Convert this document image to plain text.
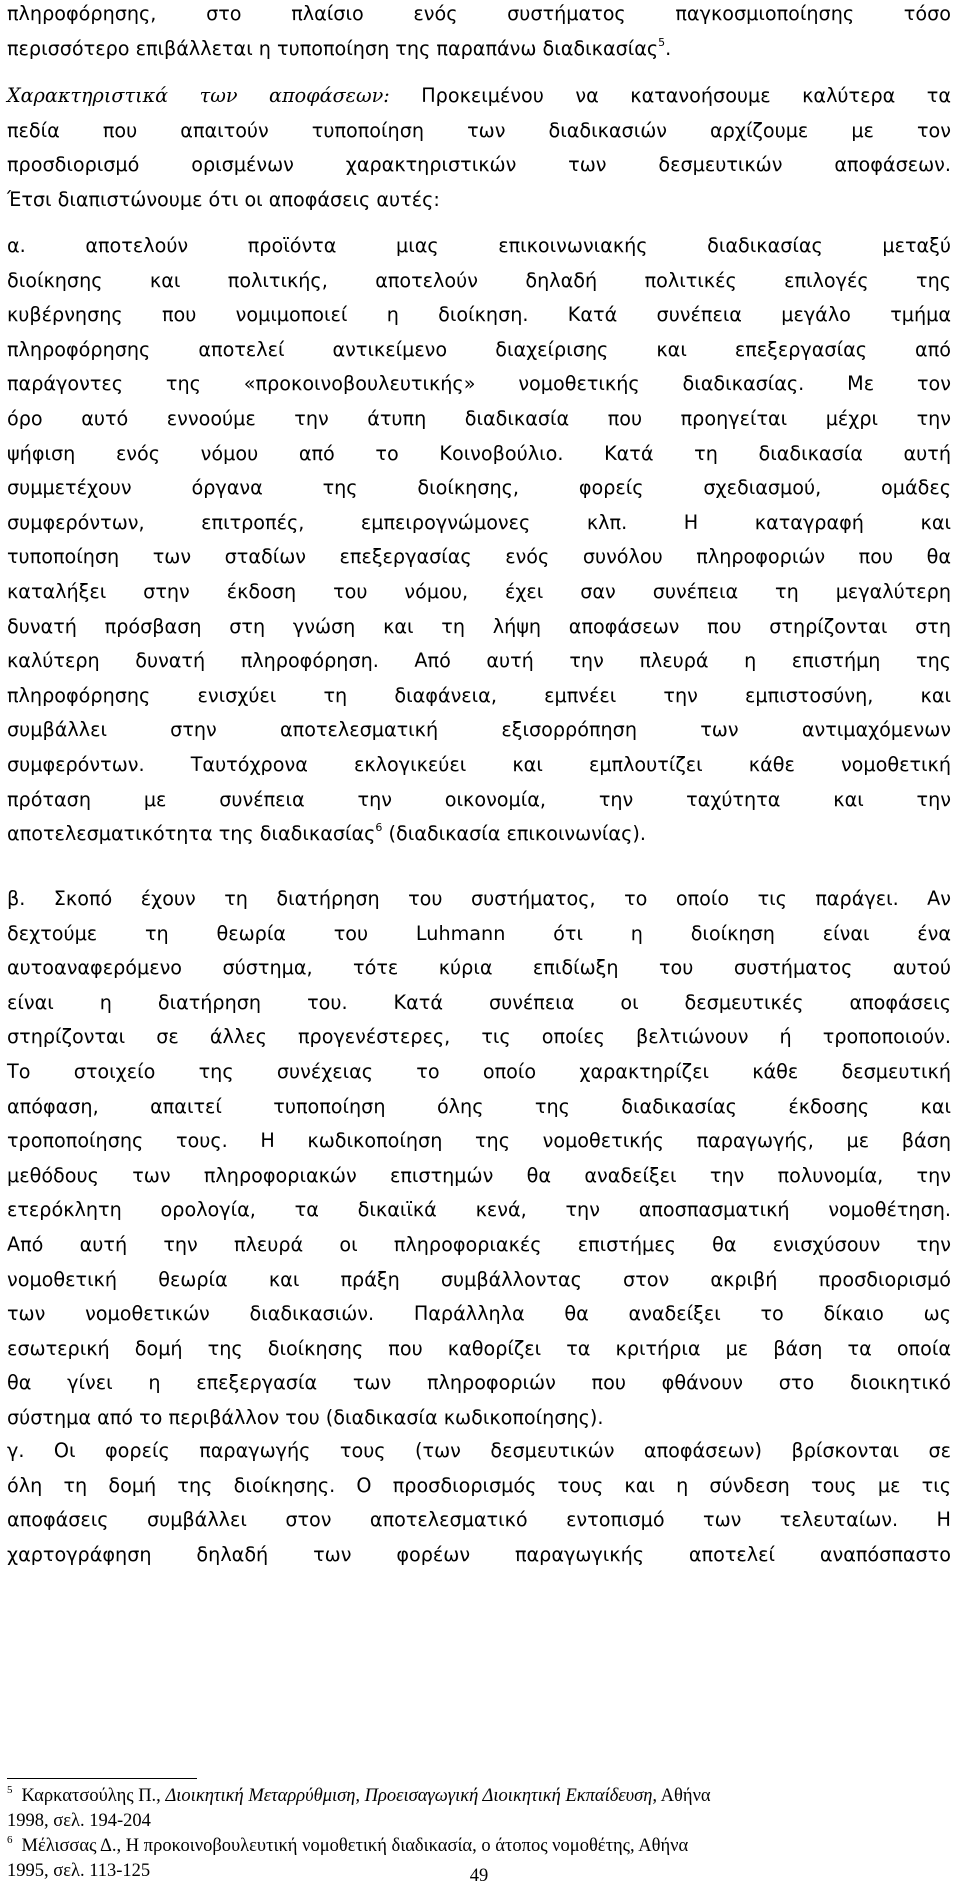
πληροφόρησης, στο πλαίσιο ενός συστήματος παγκοσμιοποίησης τόσο
περισσότερο επιβάλλεται η τυποποίηση της παραπάνω διαδικασίας$^5$.
Χαρακτηριστικά των αποφάσεων: Προκειμένου να κατανοήσουμε καλύτερα τα
πεδία που απαιτούν τυποποίηση των διαδικασιών αρχίζουμε με τον
προσδιορισμό ορισμένων χαρακτηριστικών των δεσμευτικών αποφάσεων.
Έτσι διαπιστώνουμε ότι οι αποφάσεις αυτές:
α. αποτελούν προϊόντα μιας επικοινωνιακής διαδικασίας μεταξύ
διοίκησης και πολιτικής, αποτελούν δηλαδή πολιτικές επιλογές της
κυβέρνησης που νομιμοποιεί η διοίκηση. Κατά συνέπεια μεγάλο τμήμα
πληροφόρησης αποτελεί αντικείμενο διαχείρισης και επεξεργασίας από
παράγοντες της «προκοινοβουλευτικής» νομοθετικής διαδικασίας. Με τον
όρο αυτό εννοούμε την άτυπη διαδικασία που προηγείται μέχρι την
ψήφιση ενός νόμου από το Κοινοβούλιο. Κατά τη διαδικασία αυτή
συμμετέχουν όργανα της διοίκησης, φορείς σχεδιασμού, ομάδες
συμφερόντων, επιτροπές, εμπειρογνώμονες κλπ. Η καταγραφή και
τυποποίηση των σταδίων επεξεργασίας ενός συνόλου πληροφοριών που θα
καταλήξει στην έκδοση του νόμου, έχει σαν συνέπεια τη μεγαλύτερη
δυνατή πρόσβαση στη γνώση και τη λήψη αποφάσεων που στηρίζονται στη
καλύτερη δυνατή πληροφόρηση. Από αυτή την πλευρά η επιστήμη της
πληροφόρησης ενισχύει τη διαφάνεια, εμπνέει την εμπιστοσύνη, και
συμβάλλει στην αποτελεσματική εξισορρόπηση των αντιμαχόμενων
συμφερόντων. Ταυτόχρονα εκλογικεύει και εμπλουτίζει κάθε νομοθετική
πρόταση με συνέπεια την οικονομία, την ταχύτητα και την
αποτελεσματικότητα της διαδικασίας$^6$ (διαδικασία επικοινωνίας).
β. Σκοπό έχουν τη διατήρηση του συστήματος, το οποίο τις παράγει. Αν
δεχτούμε τη θεωρία του Luhmann ότι η διοίκηση είναι ένα
αυτοαναφερόμενο σύστημα, τότε κύρια επιδίωξη του συστήματος αυτού
είναι η διατήρηση του. Κατά συνέπεια οι δεσμευτικές αποφάσεις
στηρίζονται σε άλλες προγενέστερες, τις οποίες βελτιώνουν ή τροποποιούν.
Το στοιχείο της συνέχειας το οποίο χαρακτηρίζει κάθε δεσμευτική
απόφαση, απαιτεί τυποποίηση όλης της διαδικασίας έκδοσης και
τροποποίησης τους. Η κωδικοποίηση της νομοθετικής παραγωγής, με βάση
μεθόδους των πληροφοριακών επιστημών θα αναδείξει την πολυνομία, την
ετερόκλητη ορολογία, τα δικαιϊκά κενά, την αποσπασματική νομοθέτηση.
Από αυτή την πλευρά οι πληροφοριακές επιστήμες θα ενισχύσουν την
νομοθετική θεωρία και πράξη συμβάλλοντας στον ακριβή προσδιορισμό
των νομοθετικών διαδικασιών. Παράλληλα θα αναδείξει το δίκαιο ως
εσωτερική δομή της διοίκησης που καθορίζει τα κριτήρια με βάση τα οποία
θα γίνει η επεξεργασία των πληροφοριών που φθάνουν στο διοικητικό
σύστημα από το περιβάλλον του (διαδικασία κωδικοποίησης).
γ. Οι φορείς παραγωγής τους (των δεσμευτικών αποφάσεων) βρίσκονται σε
όλη τη δομή της διοίκησης. Ο προσδιορισμός τους και η σύνδεση τους με τις
αποφάσεις συμβάλλει στον αποτελεσματικό εντοπισμό των τελευταίων. Η
χαρτογράφηση δηλαδή των φορέων παραγωγικής αποτελεί αναπόσπαστο
$^5$ Καρκατσούλης Π., Διοικητική Μεταρρύθμιση, Προεισαγωγική Διοικητική Εκπαίδευση, Αθήνα
1998, σελ. 194-204
$^6$ Μέλισσας Δ., Η προκοινοβουλευτική νομοθετική διαδικασία, ο άτοπος νομοθέτης, Αθήνα
1995, σελ. 113-125	49
